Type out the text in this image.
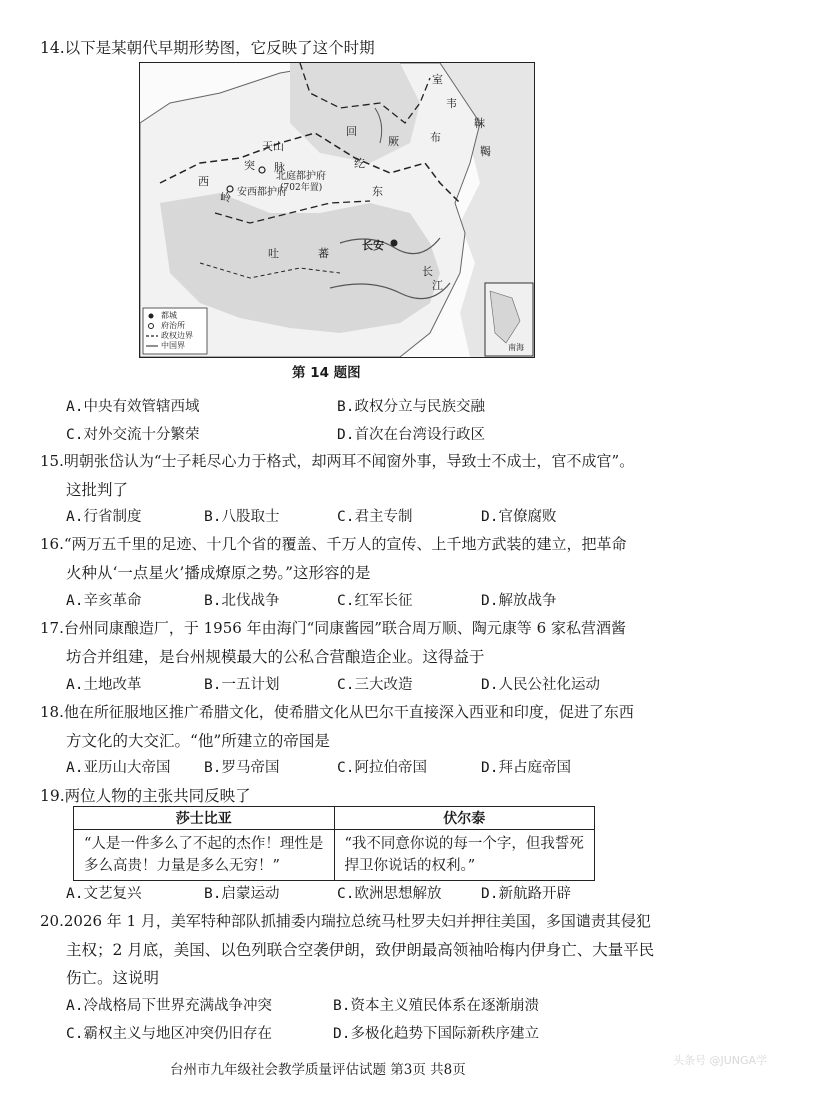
14.以下是某朝代早期形势图，它反映了这个时期
室
韦
靺
鞨
回
纥
布
厥
东
突
天山
脉
西
岭
北庭都护府
(702年置)
安西都护府
吐	蕃
长安
长
江
都城
府治所
政权边界
中国界	南海
第 14 题图
A.中央有效管辖西域	B.政权分立与民族交融
C.对外交流十分繁荣	D.首次在台湾设行政区
15.明朝张岱认为“士子耗尽心力于格式，却两耳不闻窗外事，导致士不成士，官不成官”。
这批判了
A.行省制度	B.八股取士	C.君主专制	D.官僚腐败
16.“两万五千里的足迹、十几个省的覆盖、千万人的宣传、上千地方武装的建立，把革命
火种从‘一点星火’播成燎原之势。”这形容的是
A.辛亥革命	B.北伐战争	C.红军长征	D.解放战争
17.台州同康酿造厂，于 1956 年由海门“同康酱园”联合周万顺、陶元康等 6 家私营酒酱
坊合并组建，是台州规模最大的公私合营酿造企业。这得益于
A.土地改革	B.一五计划	C.三大改造	D.人民公社化运动
18.他在所征服地区推广希腊文化，使希腊文化从巴尔干直接深入西亚和印度，促进了东西
方文化的大交汇。“他”所建立的帝国是
A.亚历山大帝国 B.罗马帝国	C.阿拉伯帝国	D.拜占庭帝国
19.两位人物的主张共同反映了
莎士比亚	伏尔泰
“人是一件多么了不起的杰作！理性是多么高贵！力量是多么无穷！”	“我不同意你说的每一个字，但我誓死捍卫你说话的权利。”
A.文艺复兴	B.启蒙运动	C.欧洲思想解放	D.新航路开辟
20.2026 年 1 月，美军特种部队抓捕委内瑞拉总统马杜罗夫妇并押往美国，多国谴责其侵犯
主权；2 月底，美国、以色列联合空袭伊朗，致伊朗最高领袖哈梅内伊身亡、大量平民
伤亡。这说明
A.冷战格局下世界充满战争冲突	B.资本主义殖民体系在逐渐崩溃
C.霸权主义与地区冲突仍旧存在	D.多极化趋势下国际新秩序建立
台州市九年级社会教学质量评估试题 第3页 共8页
头条号 @JUNGA学
